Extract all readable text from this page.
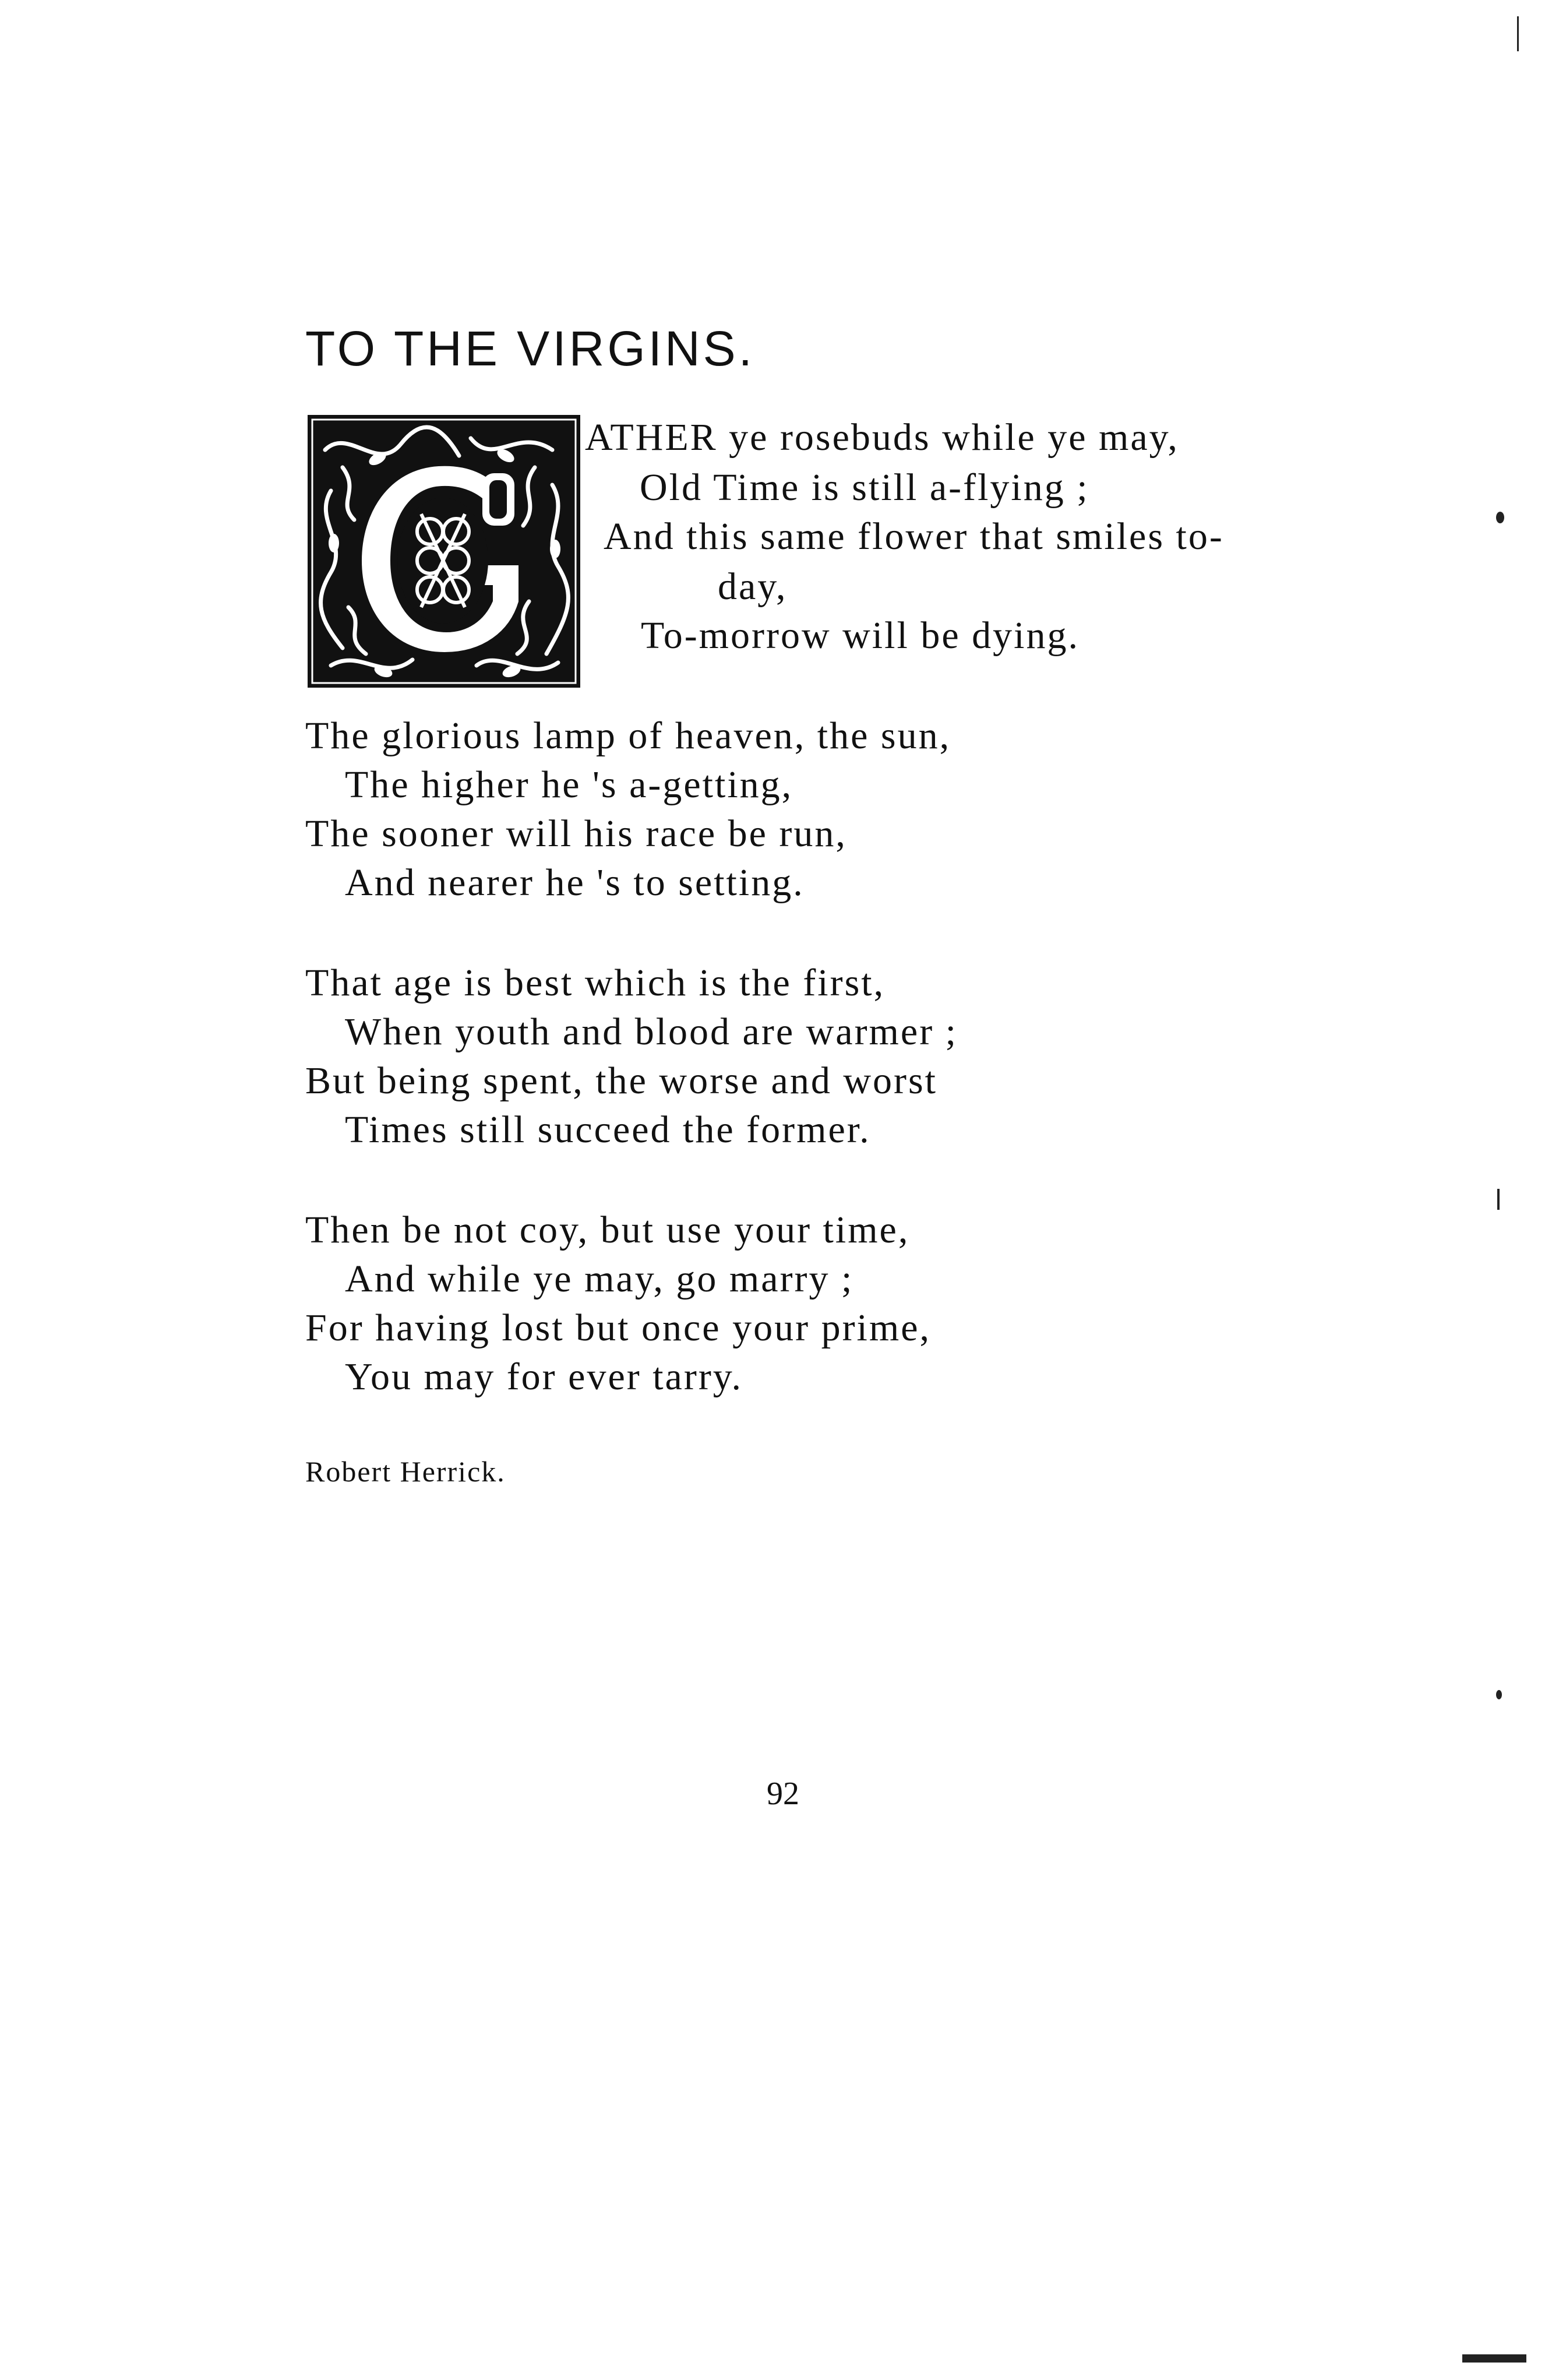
TO THE VIRGINS.
ATHER ye rosebuds while ye may,
Old Time is still a-flying ;
And this same flower that smiles to-
day,
To-morrow will be dying.
The glorious lamp of heaven, the sun,
The higher he 's a-getting,
The sooner will his race be run,
And nearer he 's to setting.
That age is best which is the first,
When youth and blood are warmer ;
But being spent, the worse and worst
Times still succeed the former.
Then be not coy, but use your time,
And while ye may, go marry ;
For having lost but once your prime,
You may for ever tarry.
Robert Herrick.
92
